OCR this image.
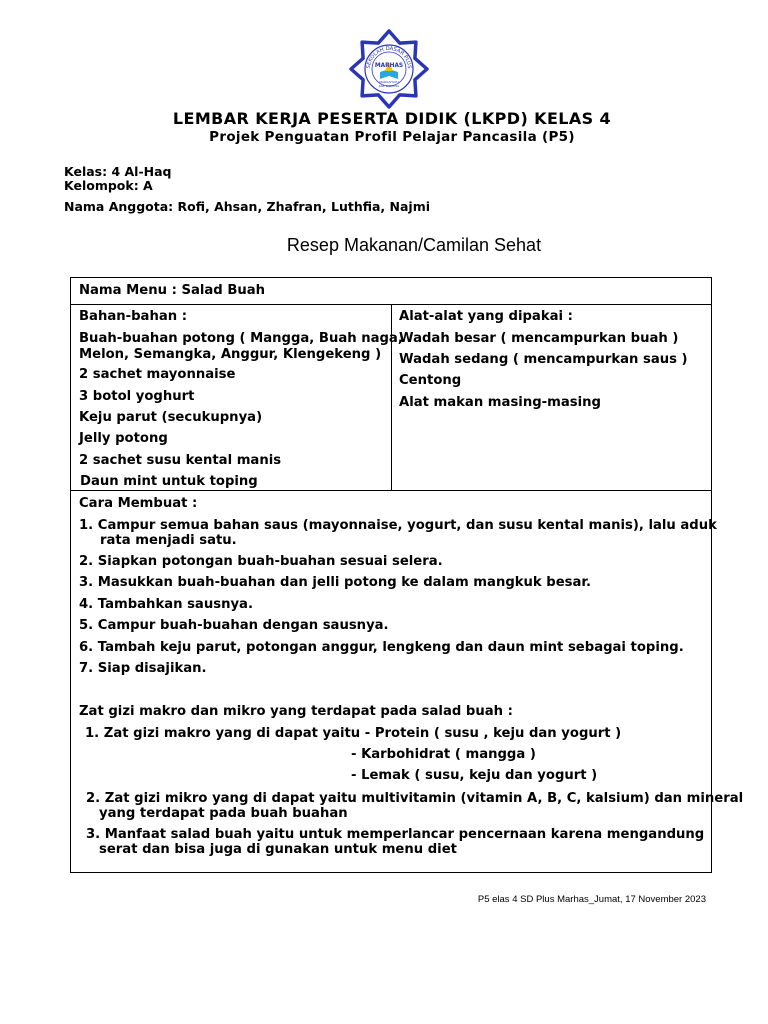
SEKOLAH DASAR PLUS
MARHAS
MARGAHAYU
KAB. BANDUNG
LEMBAR KERJA PESERTA DIDIK (LKPD) KELAS 4
Projek Penguatan Profil Pelajar Pancasila (P5)
Kelas: 4 Al-Haq
Kelompok: A
Nama Anggota: Rofi, Ahsan, Zhafran, Luthfia, Najmi
Resep Makanan/Camilan Sehat
Nama Menu : Salad Buah
Bahan-bahan :
Buah-buahan potong ( Mangga, Buah naga,
Melon, Semangka, Anggur, Klengekeng )
2 sachet mayonnaise
3 botol yoghurt
Keju parut (secukupnya)
Jelly potong
2 sachet susu kental manis
Daun mint untuk toping
Alat-alat yang dipakai :
Wadah besar ( mencampurkan buah )
Wadah sedang ( mencampurkan saus )
Centong
Alat makan masing-masing
Cara Membuat :
1. Campur semua bahan saus (mayonnaise, yogurt, dan susu kental manis), lalu aduk
rata menjadi satu.
2. Siapkan potongan buah-buahan sesuai selera.
3. Masukkan buah-buahan dan jelli potong ke dalam mangkuk besar.
4. Tambahkan sausnya.
5. Campur buah-buahan dengan sausnya.
6. Tambah keju parut, potongan anggur, lengkeng dan daun mint sebagai toping.
7. Siap disajikan.
Zat gizi makro dan mikro yang terdapat pada salad buah :
1. Zat gizi makro yang di dapat yaitu - Protein ( susu , keju dan yogurt )
- Karbohidrat ( mangga )
- Lemak ( susu, keju dan yogurt )
2. Zat gizi mikro yang di dapat yaitu multivitamin (vitamin A, B, C, kalsium) dan mineral
yang terdapat pada buah buahan
3. Manfaat salad buah yaitu untuk memperlancar pencernaan karena mengandung
serat dan bisa juga di gunakan untuk menu diet
P5 elas 4 SD Plus Marhas_Jumat, 17 November 2023
